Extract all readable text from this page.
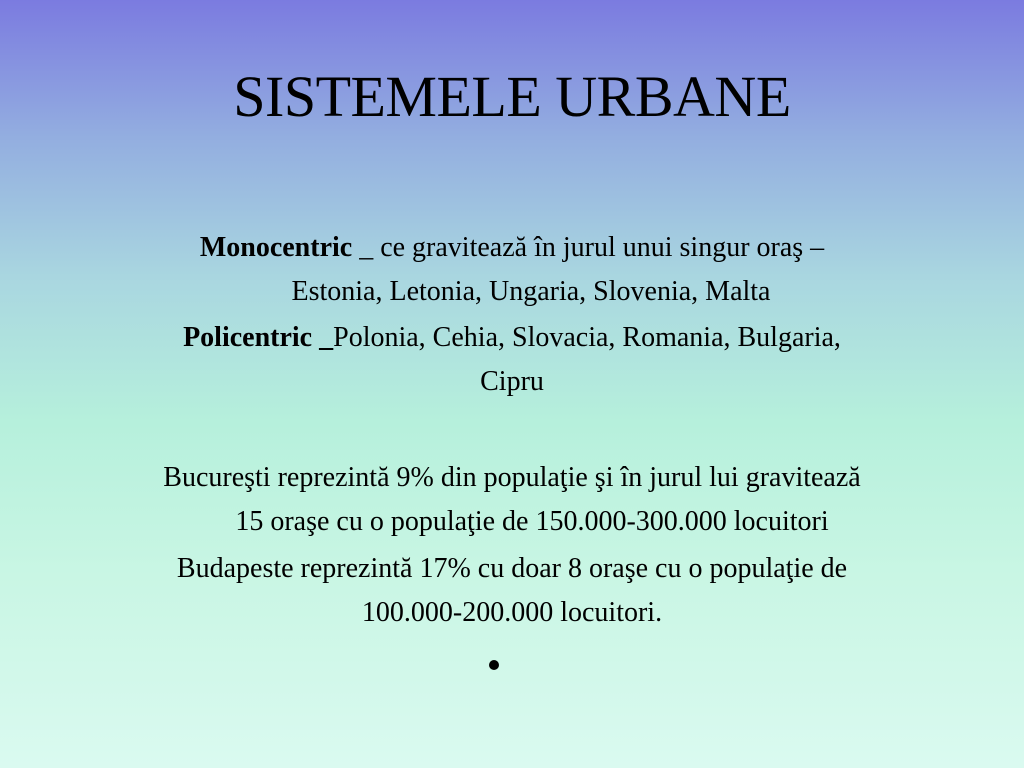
SISTEMELE URBANE
Monocentric _ ce gravitează în jurul unui singur oraş –
Estonia, Letonia, Ungaria, Slovenia, Malta
Policentric _Polonia, Cehia, Slovacia, Romania, Bulgaria,
Cipru
Bucureşti reprezintă 9% din populaţie şi în jurul lui gravitează
15 oraşe cu o populaţie de 150.000-300.000 locuitori
Budapeste reprezintă 17% cu doar 8 oraşe cu o populaţie de
100.000-200.000 locuitori.
